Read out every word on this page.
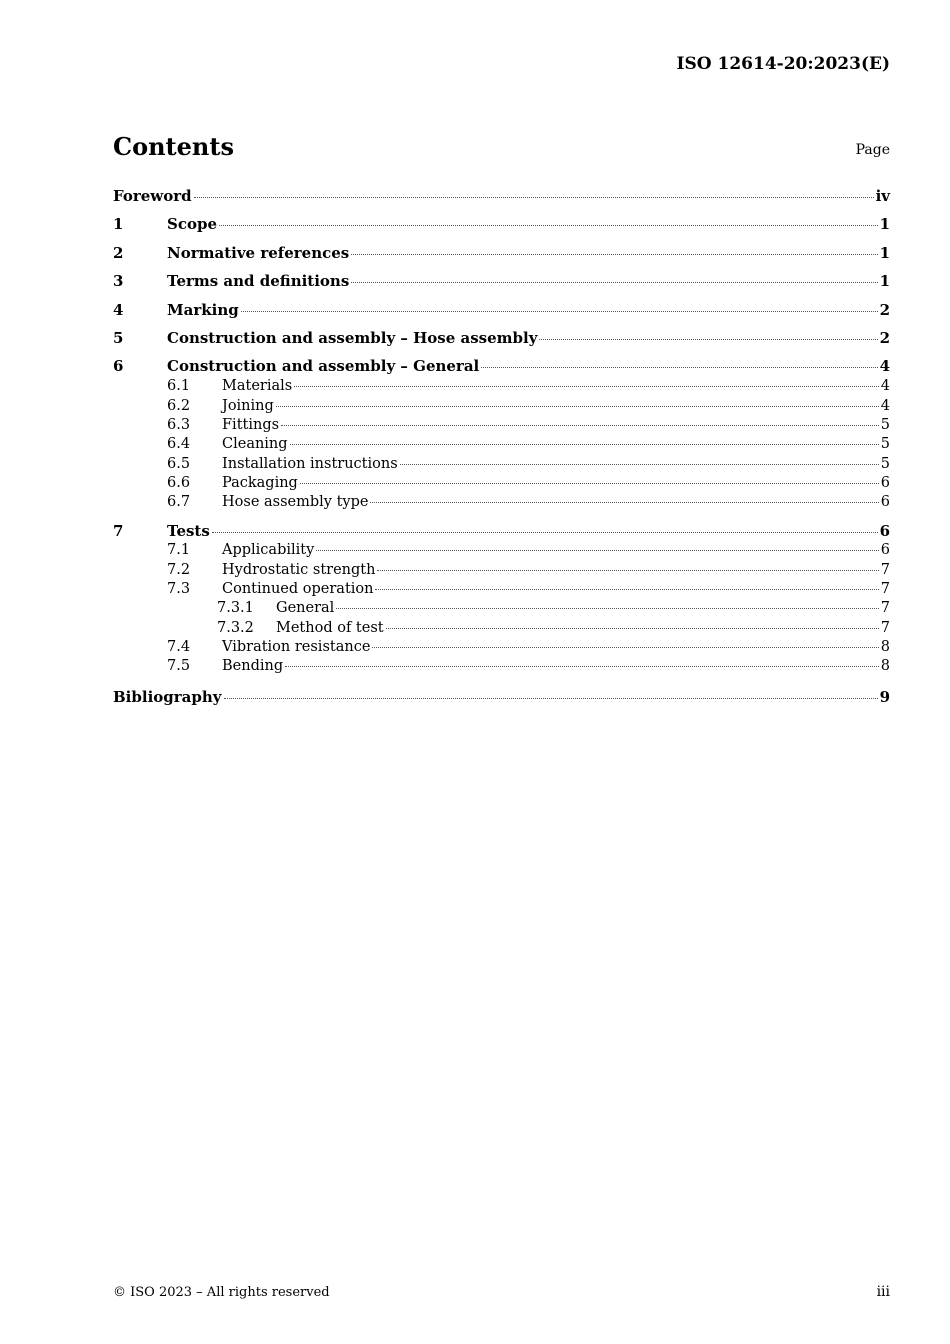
ISO 12614-20:2023(E)
Contents	Page
Foreword	iv
1	Scope	1
2	Normative references	1
3	Terms and definitions	1
4	Marking	2
5	Construction and assembly – Hose assembly	2
6	Construction and assembly – General	4
6.1	Materials	4
6.2	Joining	4
6.3	Fittings	5
6.4	Cleaning	5
6.5	Installation instructions	5
6.6	Packaging	6
6.7	Hose assembly type	6
7	Tests	6
7.1	Applicability	6
7.2	Hydrostatic strength	7
7.3	Continued operation	7
7.3.1	General	7
7.3.2	Method of test	7
7.4	Vibration resistance	8
7.5	Bending	8
Bibliography	9
© ISO 2023 – All rights reserved	iii
